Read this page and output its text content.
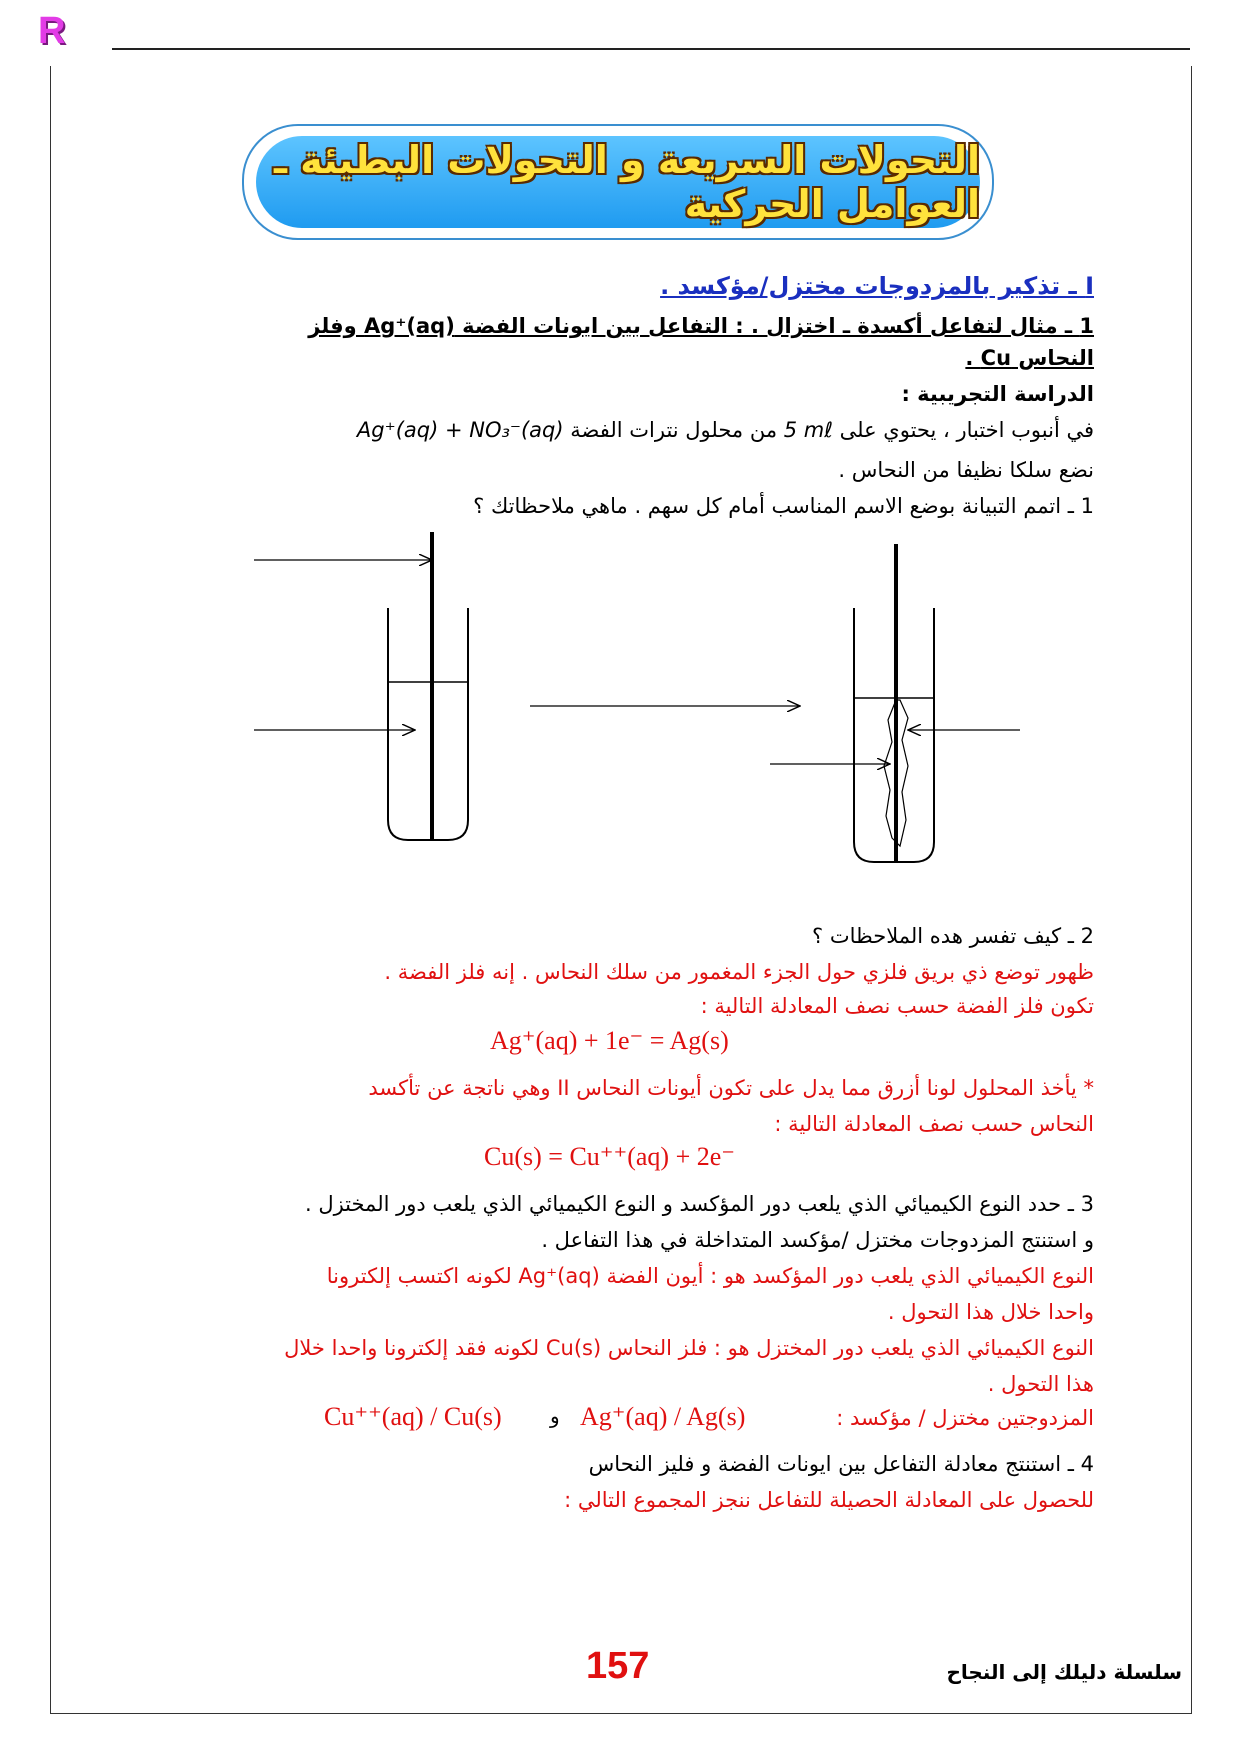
R
التحولات السريعة و التحولات البطيئة ـ العوامل الحركية
I ـ تذكير بالمزدوجات مختزل/مؤكسد .
1 ـ مثال لتفاعل أكسدة ـ اختزال . : التفاعل بين ايونات الفضة Ag⁺(aq) وفلز
النحاس Cu .
الدراسة التجريبية :
في أنبوب اختبار ، يحتوي على 5 mℓ من محلول نترات الفضة Ag⁺(aq) + NO₃⁻(aq)
نضع سلكا نظيفا من النحاس .
1 ـ اتمم التبيانة بوضع الاسم المناسب أمام كل سهم . ماهي ملاحظاتك ؟
2 ـ كيف تفسر هده الملاحظات ؟
ظهور توضع ذي بريق فلزي حول الجزء المغمور من سلك النحاس . إنه فلز الفضة .
تكون فلز الفضة حسب نصف المعادلة التالية :
Ag⁺(aq) + 1e⁻ = Ag(s)
* يأخذ المحلول لونا أزرق مما يدل على تكون أيونات النحاس II وهي ناتجة عن تأكسد
النحاس حسب نصف المعادلة التالية :
Cu(s) = Cu⁺⁺(aq) + 2e⁻
3 ـ حدد النوع الكيميائي الذي يلعب دور المؤكسد و النوع الكيميائي الذي يلعب دور المختزل .
و استنتج المزدوجات مختزل /مؤكسد المتداخلة في هذا التفاعل .
النوع الكيميائي الذي يلعب دور المؤكسد هو : أيون الفضة Ag⁺(aq) لكونه اكتسب إلكترونا
واحدا خلال هذا التحول .
النوع الكيميائي الذي يلعب دور المختزل هو : فلز النحاس Cu(s) لكونه فقد إلكترونا واحدا خلال
هذا التحول .
المزدوجتين مختزل / مؤكسد :
Ag⁺(aq) / Ag(s)
و
Cu⁺⁺(aq) / Cu(s)
4 ـ استنتج معادلة التفاعل بين ايونات الفضة و فليز النحاس
للحصول على المعادلة الحصيلة للتفاعل ننجز المجموع التالي :
157	سلسلة دليلك إلى النجاح
